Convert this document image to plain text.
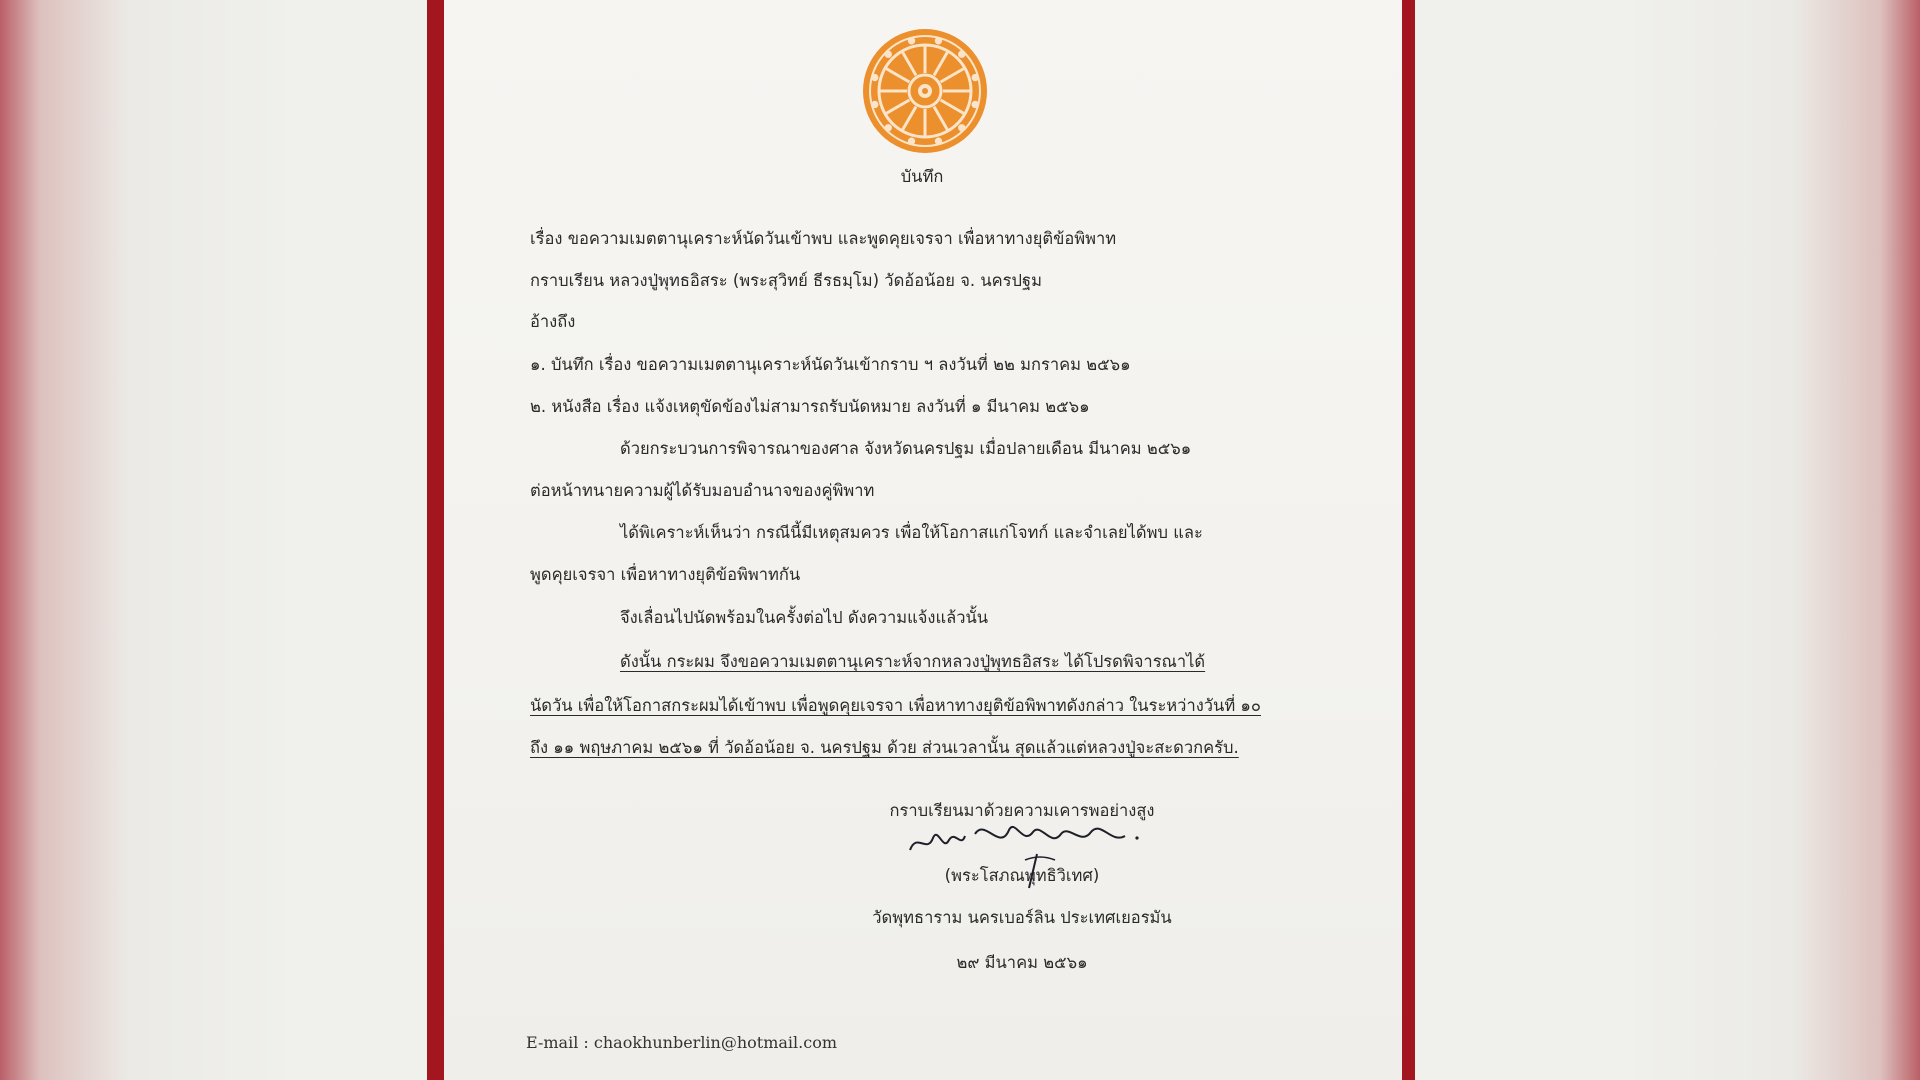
บันทึก
เรื่อง ขอความเมตตานุเคราะห์นัดวันเข้าพบ และพูดคุยเจรจา เพื่อหาทางยุติข้อพิพาท
กราบเรียน หลวงปู่พุทธอิสระ (พระสุวิทย์ ธีรธมฺโม) วัดอ้อน้อย จ. นครปฐม
อ้างถึง
๑. บันทึก เรื่อง ขอความเมตตานุเคราะห์นัดวันเข้ากราบ ฯ ลงวันที่ ๒๒ มกราคม ๒๕๖๑
๒. หนังสือ เรื่อง แจ้งเหตุขัดข้องไม่สามารถรับนัดหมาย ลงวันที่ ๑ มีนาคม ๒๕๖๑
ด้วยกระบวนการพิจารณาของศาล จังหวัดนครปฐม เมื่อปลายเดือน มีนาคม ๒๕๖๑
ต่อหน้าทนายความผู้ได้รับมอบอำนาจของคู่พิพาท
ได้พิเคราะห์เห็นว่า กรณีนี้มีเหตุสมควร เพื่อให้โอกาสแก่โจทก์ และจำเลยได้พบ และ
พูดคุยเจรจา เพื่อหาทางยุติข้อพิพาทกัน
จึงเลื่อนไปนัดพร้อมในครั้งต่อไป ดังความแจ้งแล้วนั้น
ดังนั้น กระผม จึงขอความเมตตานุเคราะห์จากหลวงปู่พุทธอิสระ ได้โปรดพิจารณาได้
นัดวัน เพื่อให้โอกาสกระผมได้เข้าพบ เพื่อพูดคุยเจรจา เพื่อหาทางยุติข้อพิพาทดังกล่าว ในระหว่างวันที่ ๑๐
ถึง ๑๑ พฤษภาคม ๒๕๖๑ ที่ วัดอ้อน้อย จ. นครปฐม ด้วย ส่วนเวลานั้น สุดแล้วแต่หลวงปู่จะสะดวกครับ.
กราบเรียนมาด้วยความเคารพอย่างสูง
(พระโสภณพุทธิวิเทศ)
วัดพุทธาราม นครเบอร์ลิน ประเทศเยอรมัน
๒๙ มีนาคม ๒๕๖๑
E-mail : chaokhunberlin@hotmail.com
